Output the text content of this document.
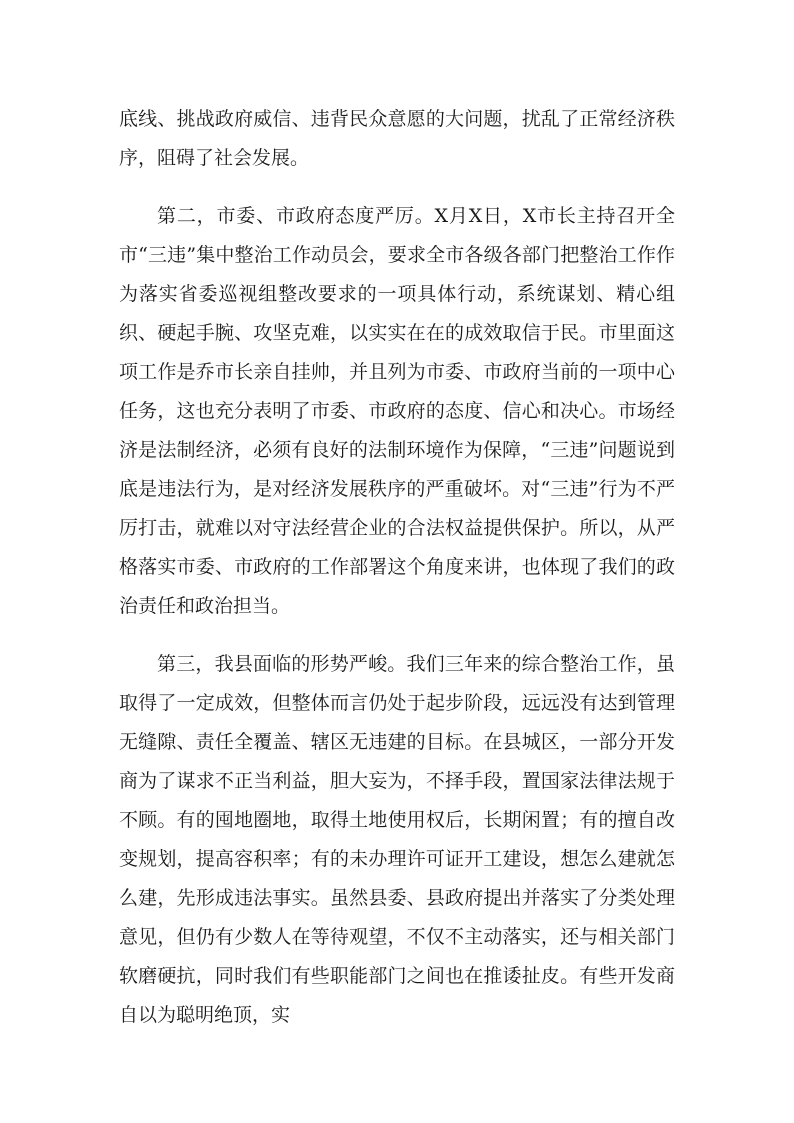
底线、挑战政府威信、违背民众意愿的大问题，扰乱了正常经济秩序，阻碍了社会发展。

第二，市委、市政府态度严厉。X月X日，X市长主持召开全市“三违”集中整治工作动员会，要求全市各级各部门把整治工作作为落实省委巡视组整改要求的一项具体行动，系统谋划、精心组织、硬起手腕、攻坚克难，以实实在在的成效取信于民。市里面这项工作是乔市长亲自挂帅，并且列为市委、市政府当前的一项中心任务，这也充分表明了市委、市政府的态度、信心和决心。市场经济是法制经济，必须有良好的法制环境作为保障，“三违”问题说到底是违法行为，是对经济发展秩序的严重破坏。对“三违”行为不严厉打击，就难以对守法经营企业的合法权益提供保护。所以，从严格落实市委、市政府的工作部署这个角度来讲，也体现了我们的政治责任和政治担当。

第三，我县面临的形势严峻。我们三年来的综合整治工作，虽取得了一定成效，但整体而言仍处于起步阶段，远远没有达到管理无缝隙、责任全覆盖、辖区无违建的目标。在县城区，一部分开发商为了谋求不正当利益，胆大妄为，不择手段，置国家法律法规于不顾。有的囤地圈地，取得土地使用权后，长期闲置；有的擅自改变规划，提高容积率；有的未办理许可证开工建设，想怎么建就怎么建，先形成违法事实。虽然县委、县政府提出并落实了分类处理意见，但仍有少数人在等待观望，不仅不主动落实，还与相关部门软磨硬抗，同时我们有些职能部门之间也在推诿扯皮。有些开发商自以为聪明绝顶，实
